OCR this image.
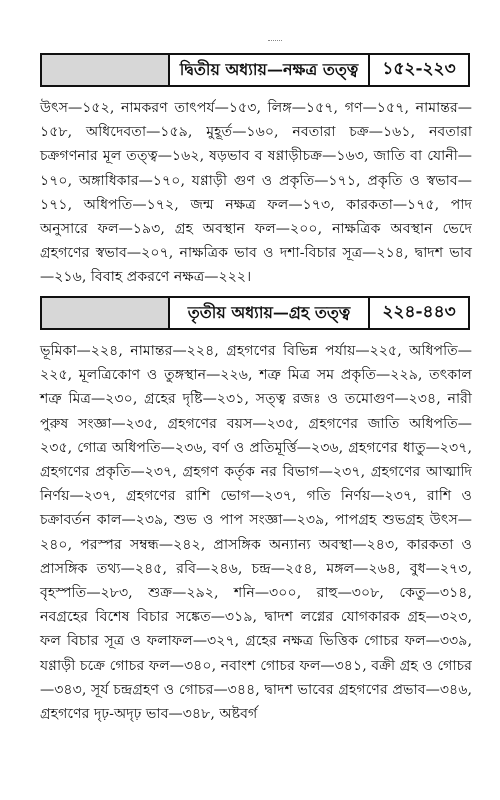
দ্বিতীয় অধ্যায়—নক্ষত্র তত্ত্ব	১৫২-২২৩
উৎস—১৫২, নামকরণ তাৎপর্য—১৫৩, লিঙ্গ—১৫৭, গণ—১৫৭, নামান্তর—১৫৮, অধিদেবতা—১৫৯, মুহূর্ত—১৬০, নবতারা চক্র—১৬১, নবতারা চক্রগণনার মূল তত্ত্ব—১৬২, ষড়ভাব ব ষণ্ণাড়ীচক্র—১৬৩, জাতি বা যোনী—১৭০, অঙ্গাধিকার—১৭০, যণ্ণাড়ী গুণ ও প্রকৃতি—১৭১, প্রকৃতি ও স্বভাব—১৭১, অধিপতি—১৭২, জন্ম নক্ষত্র ফল—১৭৩, কারকতা—১৭৫, পাদ অনুসারে ফল—১৯৩, গ্রহ অবস্থান ফল—২০০, নাক্ষত্রিক অবস্থান ভেদে গ্রহগণের স্বভাব—২০৭, নাক্ষত্রিক ভাব ও দশা-বিচার সূত্র—২১৪, দ্বাদশ ভাব—২১৬, বিবাহ প্রকরণে নক্ষত্র—২২২।
তৃতীয় অধ্যায়—গ্রহ তত্ত্ব	২২৪-৪৪৩
ভূমিকা—২২৪, নামান্তর—২২৪, গ্রহগণের বিভিন্ন পর্যায়—২২৫, অধিপতি—২২৫, মূলত্রিকোণ ও তুঙ্গস্থান—২২৬, শত্রু মিত্র সম প্রকৃতি—২২৯, তৎকাল শত্রু মিত্র—২৩০, গ্রহের দৃষ্টি—২৩১, সত্ত্ব রজঃ ও তমোগুণ—২৩৪, নারী পুরুষ সংজ্ঞা—২৩৫, গ্রহগণের বয়স—২৩৫, গ্রহগণের জাতি অধিপতি—২৩৫, গোত্র অধিপতি—২৩৬, বর্ণ ও প্রতিমূর্ত্তি—২৩৬, গ্রহগণের ধাতু—২৩৭, গ্রহগণের প্রকৃতি—২৩৭, গ্রহগণ কর্তৃক নর বিভাগ—২৩৭, গ্রহগণের আত্মাদি নির্ণয়—২৩৭, গ্রহগণের রাশি ভোগ—২৩৭, গতি নির্ণয়—২৩৭, রাশি ও চক্রাবর্তন কাল—২৩৯, শুভ ও পাপ সংজ্ঞা—২৩৯, পাপগ্রহ শুভগ্রহ উৎস—২৪০, পরস্পর সম্বন্ধ—২৪২, প্রাসঙ্গিক অন্যান্য অবস্থা—২৪৩, কারকতা ও প্রাসঙ্গিক তথ্য—২৪৫, রবি—২৪৬, চন্দ্র—২৫৪, মঙ্গল—২৬৪, বুধ—২৭৩, বৃহস্পতি—২৮৩, শুক্র—২৯২, শনি—৩০০, রাহু—৩০৮, কেতু—৩১৪, নবগ্রহের বিশেষ বিচার সঙ্কেত—৩১৯, দ্বাদশ লগ্নের যোগকারক গ্রহ—৩২৩, ফল বিচার সূত্র ও ফলাফল—৩২৭, গ্রহের নক্ষত্র ভিত্তিক গোচর ফল—৩৩৯, যণ্ণাড়ী চক্রে গোচর ফল—৩৪০, নবাংশ গোচর ফল—৩৪১, বক্রী গ্রহ ও গোচর—৩৪৩, সূর্য চন্দ্রগ্রহণ ও গোচর—৩৪৪, দ্বাদশ ভাবের গ্রহগণের প্রভাব—৩৪৬, গ্রহগণের দৃঢ়-অদৃঢ় ভাব—৩৪৮, অষ্টবর্গ
